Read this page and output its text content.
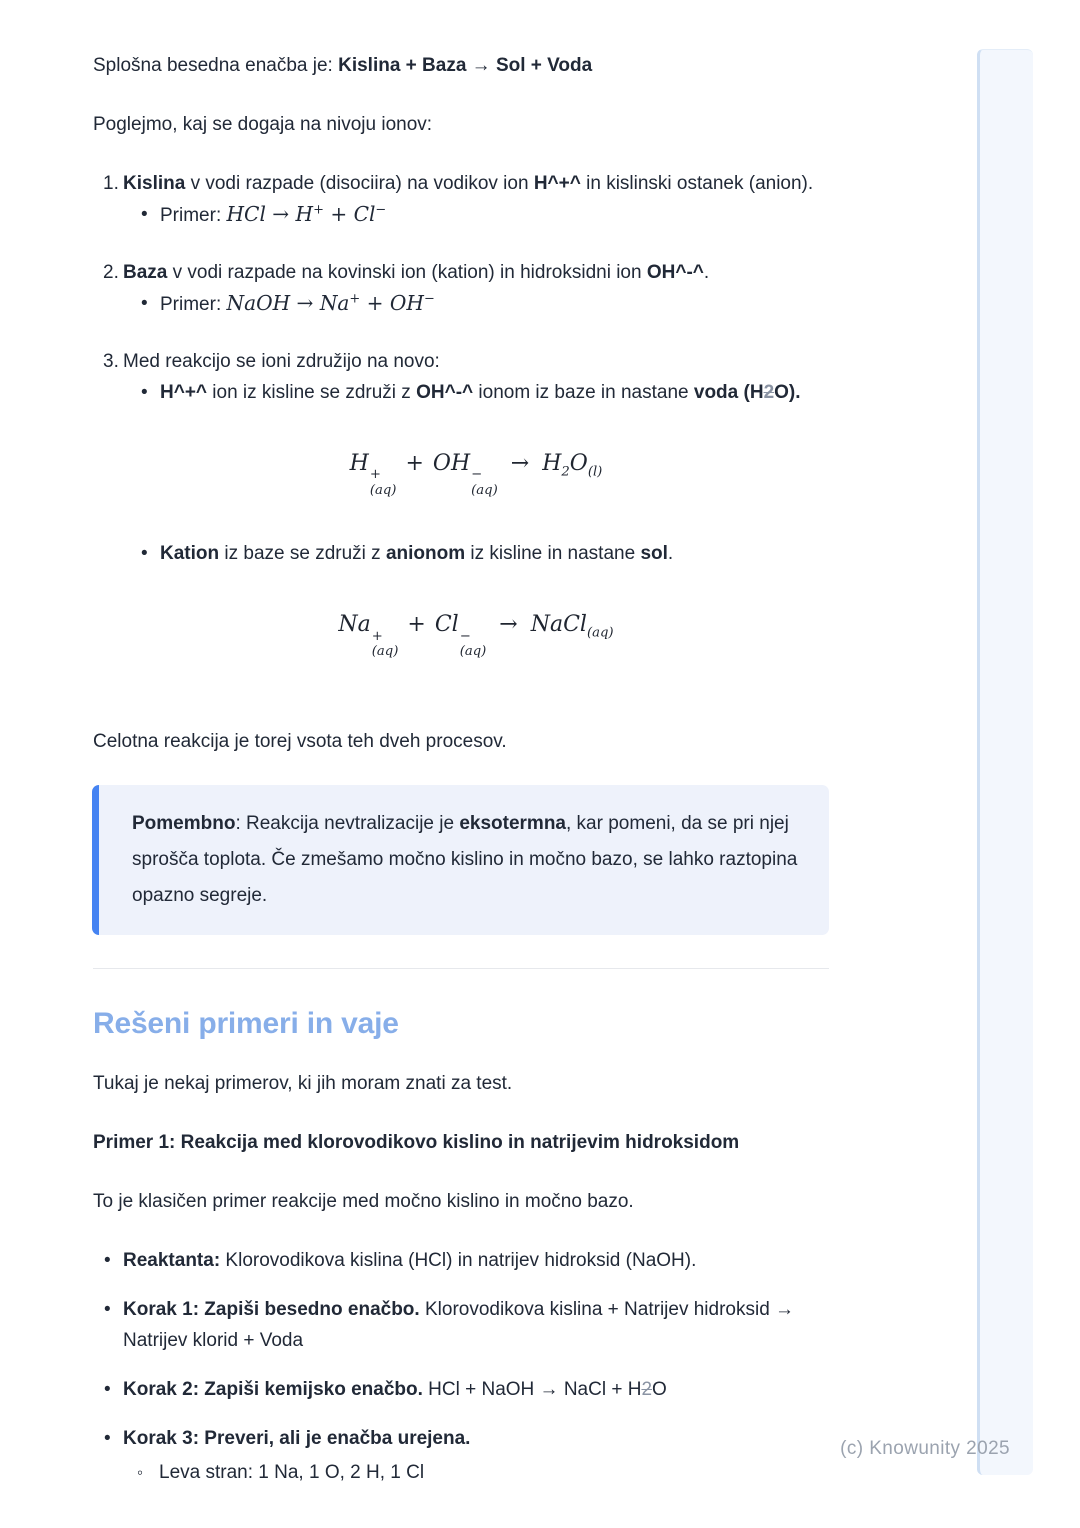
Splošna besedna enačba je: Kislina + Baza → Sol + Voda

Poglejmo, kaj se dogaja na nivoju ionov:

1. Kislina v vodi razpade (disociira) na vodikov ion H^+^ in kislinski ostanek (anion).
• Primer: HCl → H+ + Cl−
2. Baza v vodi razpade na kovinski ion (kation) in hidroksidni ion OH^-^.
• Primer: NaOH → Na+ + OH−
3. Med reakcijo se ioni združijo na novo:
• H^+^ ion iz kisline se združi z OH^-^ ionom iz baze in nastane voda (H2O).
H +
(aq)
+ OH −
(aq)
→ $H_2O_{(l)}$
• Kation iz baze se združi z anionom iz kisline in nastane sol.
Na +
(aq)
+ Cl −
(aq)
→ NaCl$_{(aq)}$

Celotna reakcija je torej vsota teh dveh procesov.

Pomembno: Reakcija nevtralizacije je eksotermna, kar pomeni, da se pri njej sprošča toplota. Če zmešamo močno kislino in močno bazo, se lahko raztopina opazno segreje.

Rešeni primeri in vaje

Tukaj je nekaj primerov, ki jih moram znati za test.

Primer 1: Reakcija med klorovodikovo kislino in natrijevim hidroksidom

To je klasičen primer reakcije med močno kislino in močno bazo.

• Reaktanta: Klorovodikova kislina (HCl) in natrijev hidroksid (NaOH).
• Korak 1: Zapiši besedno enačbo. Klorovodikova kislina + Natrijev hidroksid → Natrijev klorid + Voda
• Korak 2: Zapiši kemijsko enačbo. HCl + NaOH → NaCl + H2O
• Korak 3: Preveri, ali je enačba urejena.
◦ Leva stran: 1 Na, 1 O, 2 H, 1 Cl
(c) Knowunity 2025
